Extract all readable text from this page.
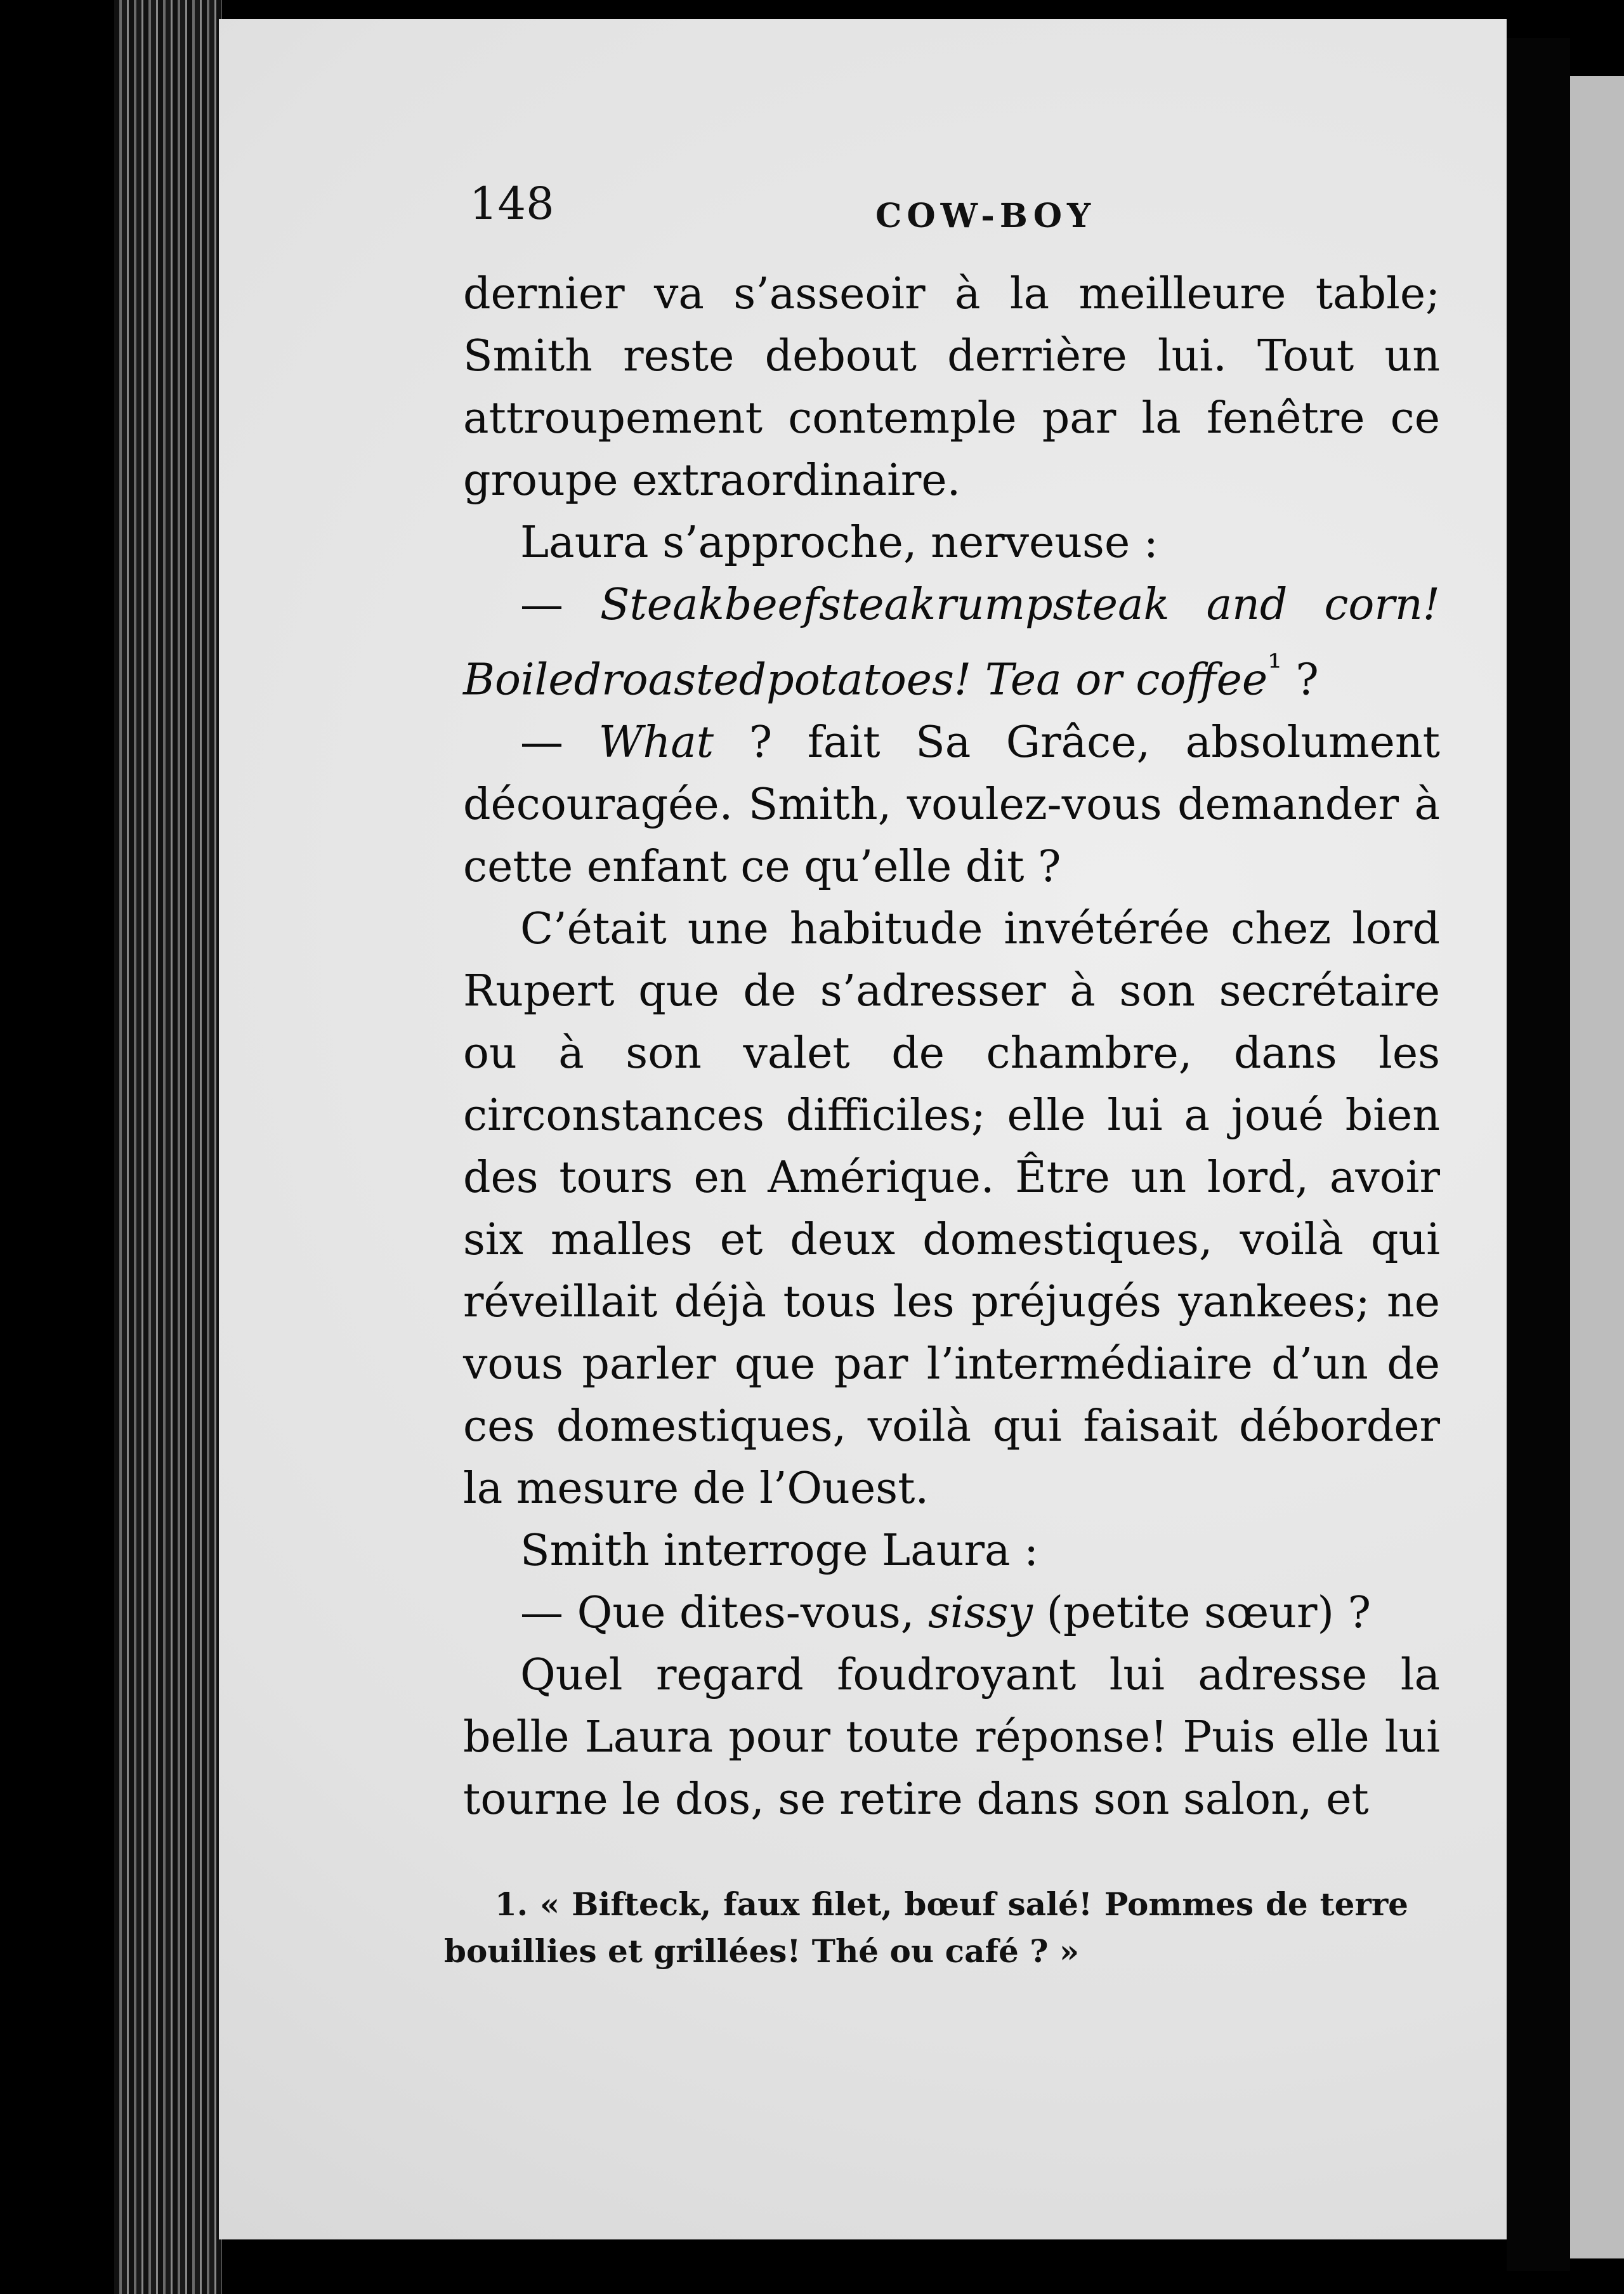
148	COW-BOY

dernier va s’asseoir à la meilleure table; Smith reste debout derrière lui. Tout un attroupement contemple par la fenêtre ce groupe extraordinaire.

Laura s’approche, nerveuse :

— Steakbeefsteakrumpsteak and corn! Boiledroastedpotatoes! Tea or coffee$^{^1}$ ?

— What ? fait Sa Grâce, absolument découragée. Smith, voulez-vous demander à cette enfant ce qu’elle dit ?

C’était une habitude invétérée chez lord Rupert que de s’adresser à son secrétaire ou à son valet de chambre, dans les circonstances difficiles; elle lui a joué bien des tours en Amérique. Être un lord, avoir six malles et deux domestiques, voilà qui réveillait déjà tous les préjugés yankees; ne vous parler que par l’intermédiaire d’un de ces domestiques, voilà qui faisait déborder la mesure de l’Ouest.

Smith interroge Laura :

— Que dites-vous, sissy (petite sœur) ?

Quel regard foudroyant lui adresse la belle Laura pour toute réponse! Puis elle lui tourne le dos, se retire dans son salon, et

1. « Bifteck, faux filet, bœuf salé! Pommes de terre bouillies et grillées! Thé ou café ? »
